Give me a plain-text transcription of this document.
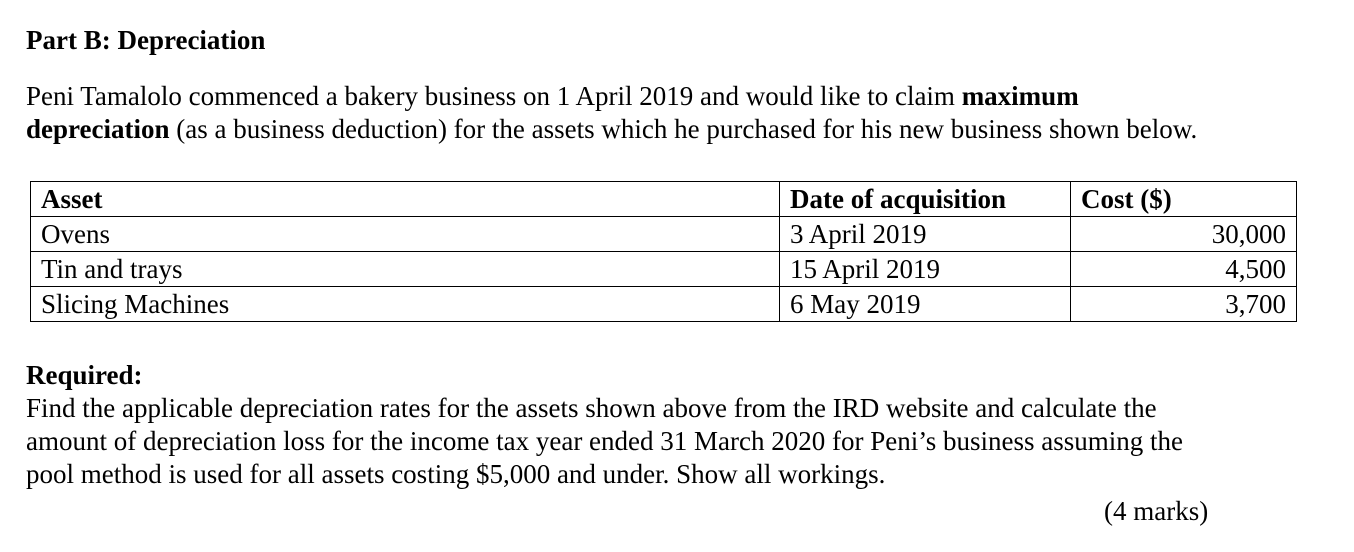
Part B: Depreciation
Peni Tamalolo commenced a bakery business on 1 April 2019 and would like to claim maximum
depreciation (as a business deduction) for the assets which he purchased for his new business shown below.
Asset	Date of acquisition	Cost ($)
Ovens	3 April 2019	30,000
Tin and trays	15 April 2019	4,500
Slicing Machines	6 May 2019	3,700
Required:
Find the applicable depreciation rates for the assets shown above from the IRD website and calculate the
amount of depreciation loss for the income tax year ended 31 March 2020 for Peni’s business assuming the
pool method is used for all assets costing $5,000 and under. Show all workings.
(4 marks)
